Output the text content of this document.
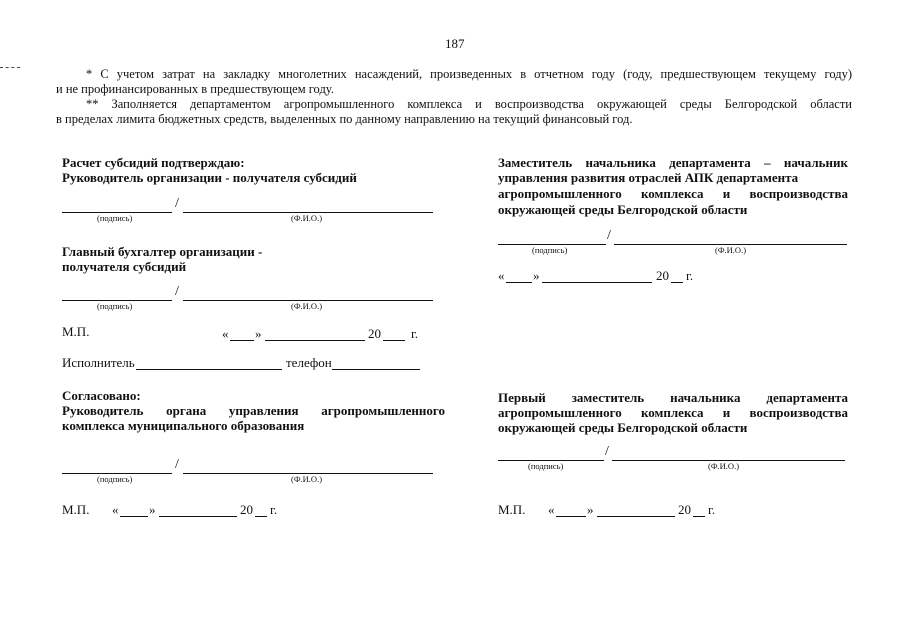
187
* С учетом затрат на закладку многолетних насаждений, произведенных в отчетном году (году, предшествующем текущему году)
и не профинансированных в предшествующем году.
** Заполняется департаментом агропромышленного комплекса и воспроизводства окружающей среды Белгородской области
в пределах лимита бюджетных средств, выделенных по данному направлению на текущий финансовый год.
Расчет субсидий подтверждаю:
Руководитель организации - получателя субсидий
/
(подпись)	(Ф.И.О.)
Главный бухгалтер организации -
получателя субсидий
/
(подпись)	(Ф.И.О.)
М.П.	« »	20 г.
Исполнитель	телефон
Согласовано:
Руководитель органа управления агропромышленного
комплекса муниципального образования
/
(подпись)	(Ф.И.О.)
М.П. « »	20 г.
Заместитель начальника департамента – начальник
управления развития отраслей АПК департамента
агропромышленного комплекса и воспроизводства
окружающей среды Белгородской области
/
(подпись)	(Ф.И.О.)
« »	20 г.
Первый заместитель начальника департамента
агропромышленного комплекса и воспроизводства
окружающей среды Белгородской области
/
(подпись)	(Ф.И.О.)
М.П. «	»	20 г.
